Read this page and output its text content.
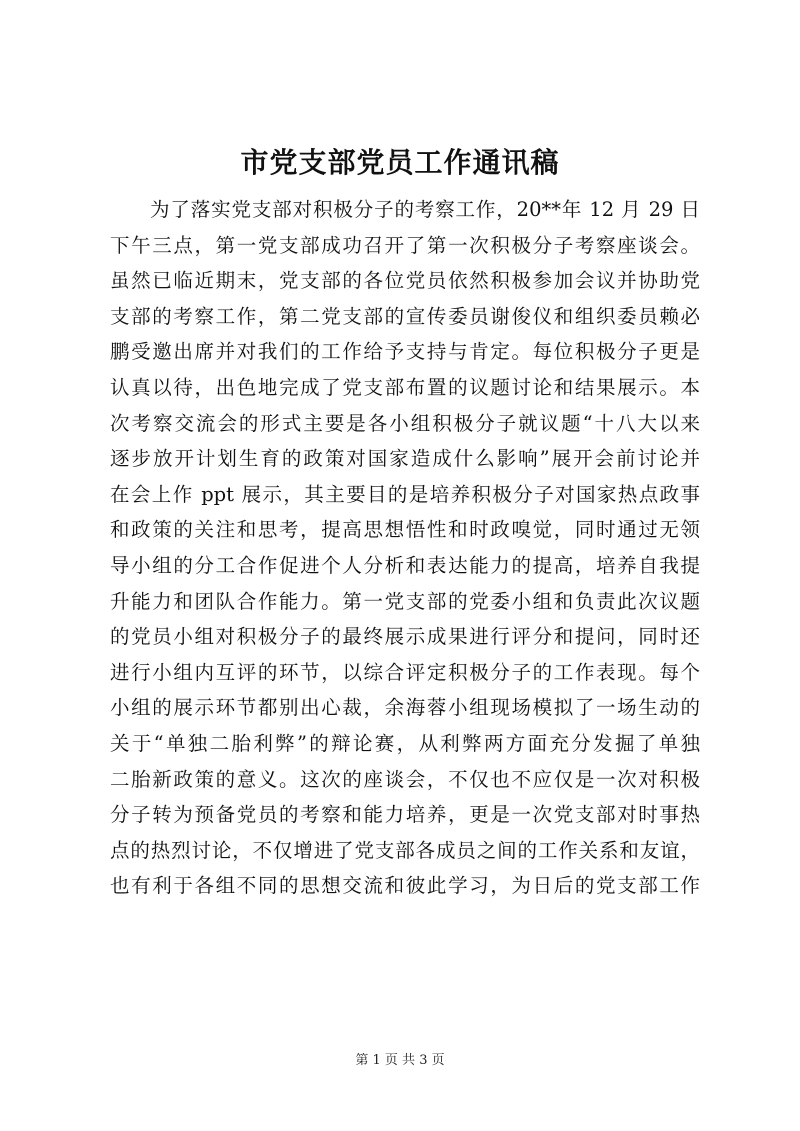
市党支部党员工作通讯稿
为了落实党支部对积极分子的考察工作，20**年 12 月 29 日
下午三点，第一党支部成功召开了第一次积极分子考察座谈会。
虽然已临近期末，党支部的各位党员依然积极参加会议并协助党
支部的考察工作，第二党支部的宣传委员谢俊仪和组织委员赖必
鹏受邀出席并对我们的工作给予支持与肯定。每位积极分子更是
认真以待，出色地完成了党支部布置的议题讨论和结果展示。本
次考察交流会的形式主要是各小组积极分子就议题“十八大以来
逐步放开计划生育的政策对国家造成什么影响”展开会前讨论并
在会上作 ppt 展示，其主要目的是培养积极分子对国家热点政事
和政策的关注和思考，提高思想悟性和时政嗅觉，同时通过无领
导小组的分工合作促进个人分析和表达能力的提高，培养自我提
升能力和团队合作能力。第一党支部的党委小组和负责此次议题
的党员小组对积极分子的最终展示成果进行评分和提问，同时还
进行小组内互评的环节，以综合评定积极分子的工作表现。每个
小组的展示环节都别出心裁，余海蓉小组现场模拟了一场生动的
关于“单独二胎利弊”的辩论赛，从利弊两方面充分发掘了单独
二胎新政策的意义。这次的座谈会，不仅也不应仅是一次对积极
分子转为预备党员的考察和能力培养，更是一次党支部对时事热
点的热烈讨论，不仅增进了党支部各成员之间的工作关系和友谊，
也有利于各组不同的思想交流和彼此学习，为日后的党支部工作
第 1 页 共 3 页
